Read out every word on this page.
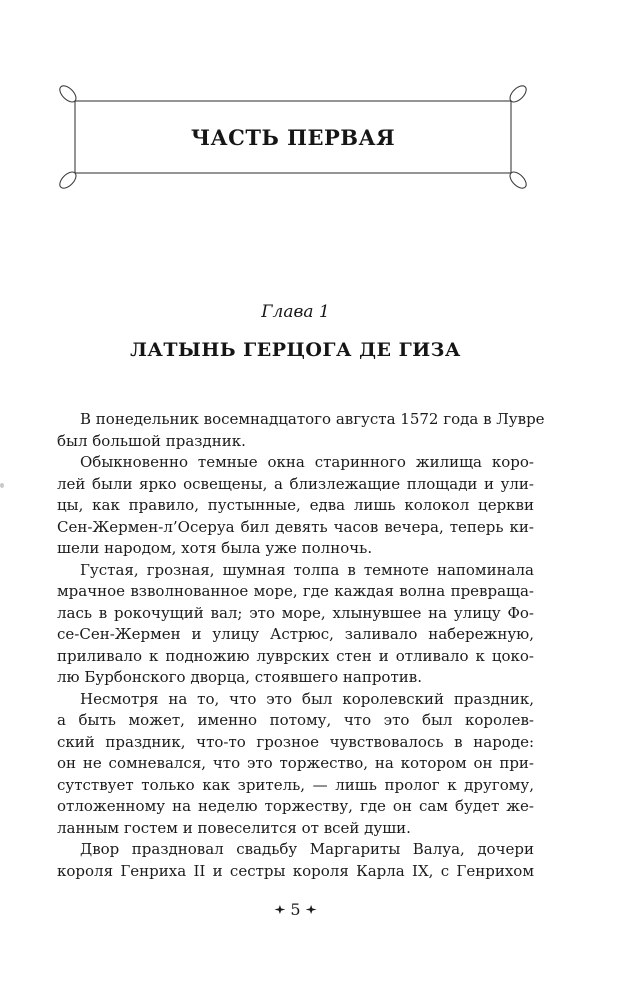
ЧАСТЬ ПЕРВАЯ
Глава 1
ЛАТЫНЬ ГЕРЦОГА ДЕ ГИЗА
В понедельник восемнадцатого августа 1572 года в Лувре
был большой праздник.
Обыкновенно темные окна старинного жилища коро-
лей были ярко освещены, а близлежащие площади и ули-
цы, как правило, пустынные, едва лишь колокол церкви
Сен-Жермен-л’Осеруа бил девять часов вечера, теперь ки-
шели народом, хотя была уже полночь.
Густая, грозная, шумная толпа в темноте напоминала
мрачное взволнованное море, где каждая волна превраща-
лась в рокочущий вал; это море, хлынувшее на улицу Фо-
се-Сен-Жермен и улицу Астрюс, заливало набережную,
приливало к подножию луврских стен и отливало к цоко-
лю Бурбонского дворца, стоявшего напротив.
Несмотря на то, что это был королевский праздник,
а быть может, именно потому, что это был королев-
ский праздник, что-то грозное чувствовалось в народе:
он не сомневался, что это торжество, на котором он при-
сутствует только как зритель, — лишь пролог к другому,
отложенному на неделю торжеству, где он сам будет же-
ланным гостем и повеселится от всей души.
Двор праздновал свадьбу Маргариты Валуа, дочери
короля Генриха II и сестры короля Карла IX, с Генрихом
5
